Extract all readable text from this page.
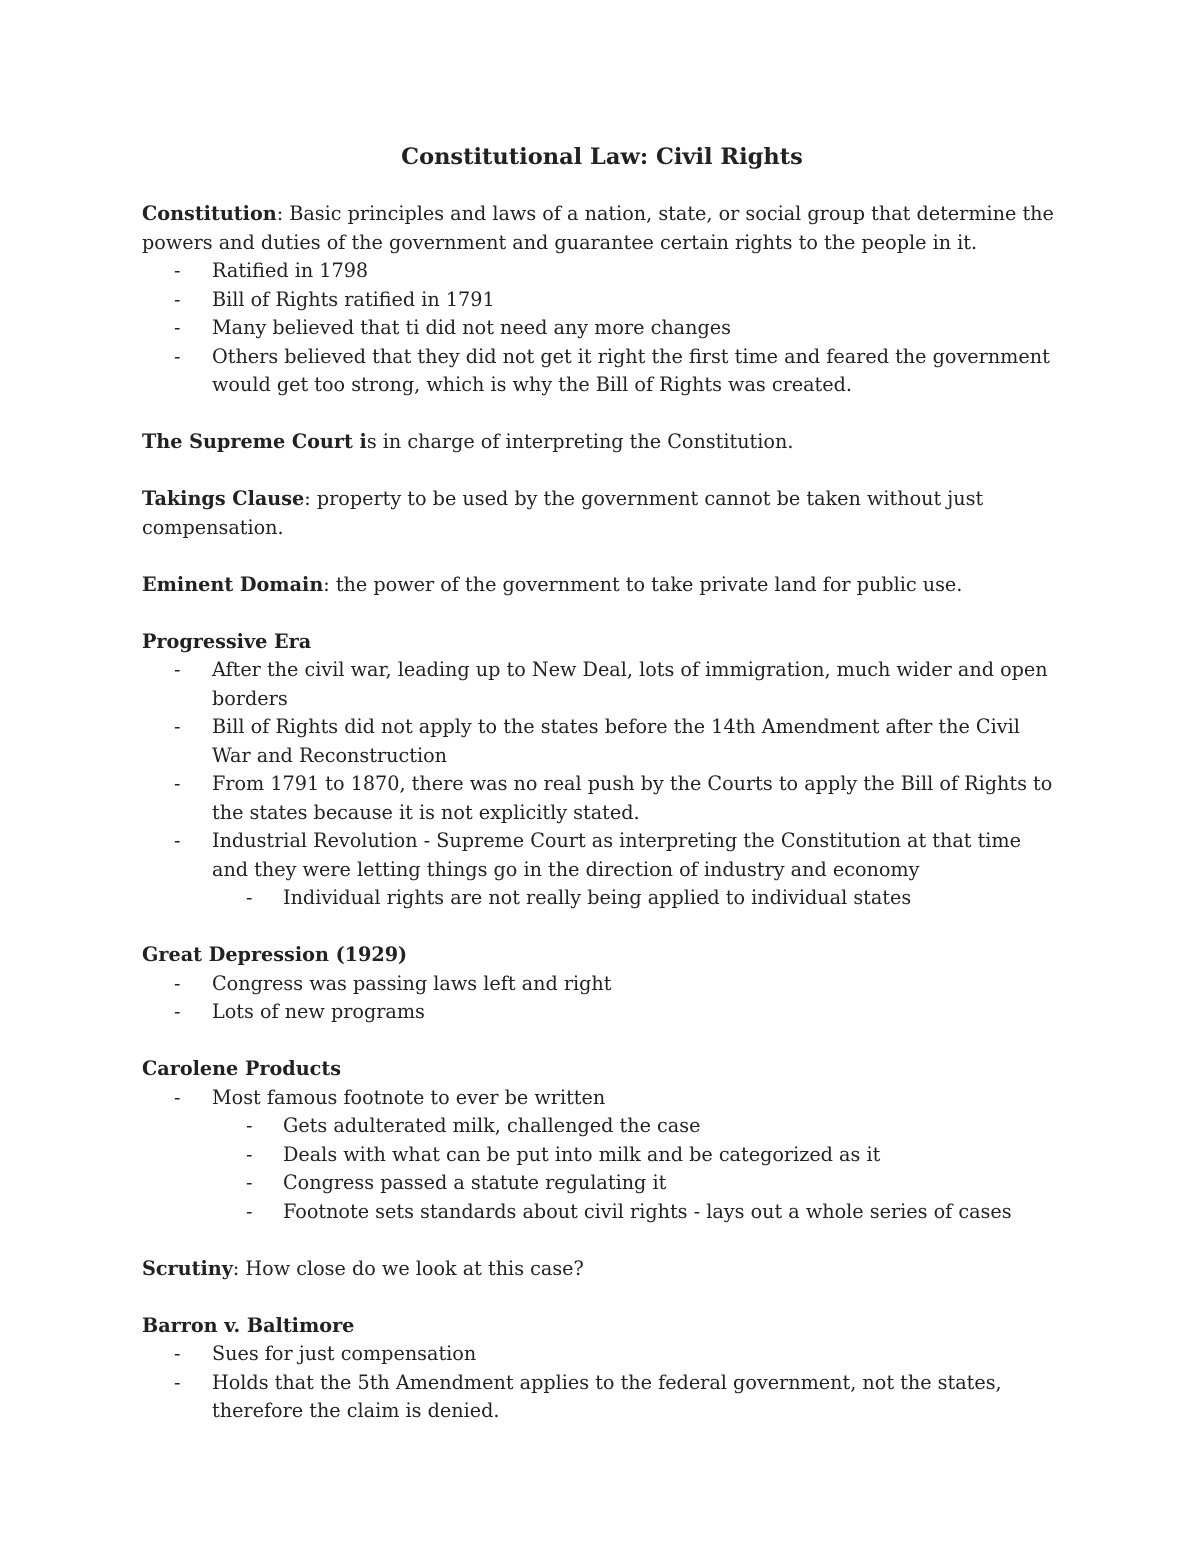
Constitutional Law: Civil Rights

Constitution: Basic principles and laws of a nation, state, or social group that determine the powers and duties of the government and guarantee certain rights to the people in it.

- Ratified in 1798
- Bill of Rights ratified in 1791
- Many believed that ti did not need any more changes
- Others believed that they did not get it right the first time and feared the government would get too strong, which is why the Bill of Rights was created.

The Supreme Court is in charge of interpreting the Constitution.

Takings Clause: property to be used by the government cannot be taken without just compensation.

Eminent Domain: the power of the government to take private land for public use.

Progressive Era

- After the civil war, leading up to New Deal, lots of immigration, much wider and open borders
- Bill of Rights did not apply to the states before the 14th Amendment after the Civil War and Reconstruction
- From 1791 to 1870, there was no real push by the Courts to apply the Bill of Rights to the states because it is not explicitly stated.
- Industrial Revolution - Supreme Court as interpreting the Constitution at that time and they were letting things go in the direction of industry and economy
- Individual rights are not really being applied to individual states

Great Depression (1929)

- Congress was passing laws left and right
- Lots of new programs

Carolene Products

- Most famous footnote to ever be written
- Gets adulterated milk, challenged the case
- Deals with what can be put into milk and be categorized as it
- Congress passed a statute regulating it
- Footnote sets standards about civil rights - lays out a whole series of cases

Scrutiny: How close do we look at this case?

Barron v. Baltimore

- Sues for just compensation
- Holds that the 5th Amendment applies to the federal government, not the states, therefore the claim is denied.
